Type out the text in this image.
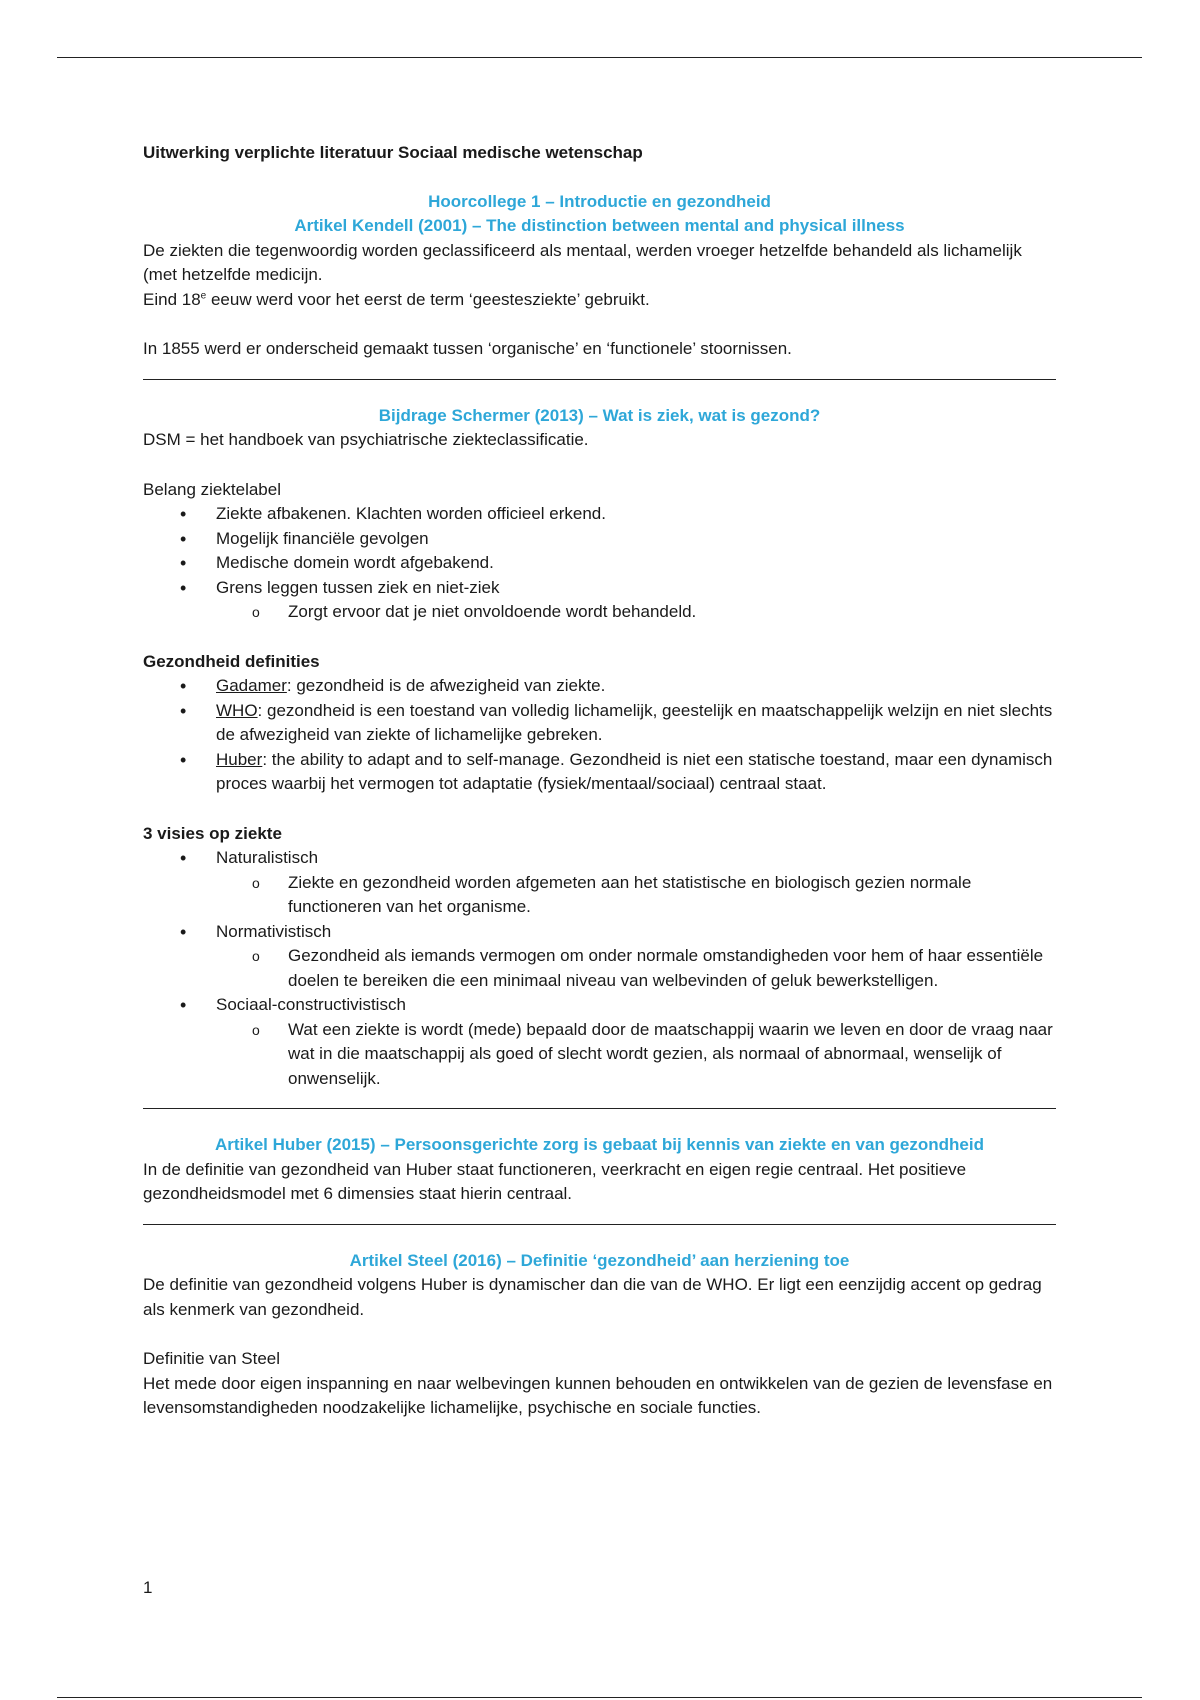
Uitwerking verplichte literatuur Sociaal medische wetenschap

Hoorcollege 1 – Introductie en gezondheid
Artikel Kendell (2001) – The distinction between mental and physical illness

De ziekten die tegenwoordig worden geclassificeerd als mentaal, werden vroeger hetzelfde behandeld als lichamelijk (met hetzelfde medicijn.

Eind 18e eeuw werd voor het eerst de term ‘geestesziekte’ gebruikt.

In 1855 werd er onderscheid gemaakt tussen ‘organische’ en ‘functionele’ stoornissen.

Bijdrage Schermer (2013) – Wat is ziek, wat is gezond?

DSM = het handboek van psychiatrische ziekteclassificatie.

Belang ziektelabel

• Ziekte afbakenen. Klachten worden officieel erkend.
• Mogelijk financiële gevolgen
• Medische domein wordt afgebakend.
• Grens leggen tussen ziek en niet-ziek
o Zorgt ervoor dat je niet onvoldoende wordt behandeld.

Gezondheid definities

• Gadamer: gezondheid is de afwezigheid van ziekte.
• WHO: gezondheid is een toestand van volledig lichamelijk, geestelijk en maatschappelijk welzijn en niet slechts de afwezigheid van ziekte of lichamelijke gebreken.
• Huber: the ability to adapt and to self-manage. Gezondheid is niet een statische toestand, maar een dynamisch proces waarbij het vermogen tot adaptatie (fysiek/mentaal/sociaal) centraal staat.

3 visies op ziekte

• Naturalistisch
o Ziekte en gezondheid worden afgemeten aan het statistische en biologisch gezien normale functioneren van het organisme.
• Normativistisch
o Gezondheid als iemands vermogen om onder normale omstandigheden voor hem of haar essentiële doelen te bereiken die een minimaal niveau van welbevinden of geluk bewerkstelligen.
• Sociaal-constructivistisch
o Wat een ziekte is wordt (mede) bepaald door de maatschappij waarin we leven en door de vraag naar wat in die maatschappij als goed of slecht wordt gezien, als normaal of abnormaal, wenselijk of onwenselijk.
Artikel Huber (2015) – Persoonsgerichte zorg is gebaat bij kennis van ziekte en van gezondheid

In de definitie van gezondheid van Huber staat functioneren, veerkracht en eigen regie centraal. Het positieve gezondheidsmodel met 6 dimensies staat hierin centraal.

Artikel Steel (2016) – Definitie ‘gezondheid’ aan herziening toe

De definitie van gezondheid volgens Huber is dynamischer dan die van de WHO. Er ligt een eenzijdig accent op gedrag als kenmerk van gezondheid.

Definitie van Steel

Het mede door eigen inspanning en naar welbevingen kunnen behouden en ontwikkelen van de gezien de levensfase en levensomstandigheden noodzakelijke lichamelijke, psychische en sociale functies.

1
